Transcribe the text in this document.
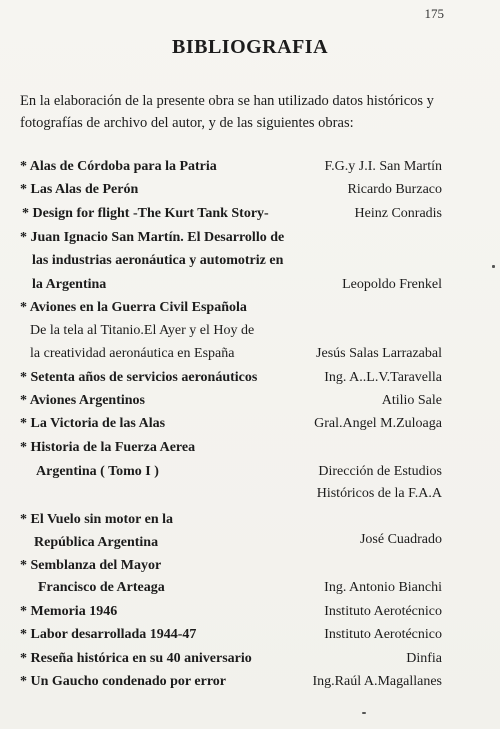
175
BIBLIOGRAFIA

En la elaboración de la presente obra se han utilizado datos históricos y

fotografías de archivo del autor, y de las siguientes obras:

* Alas de Córdoba para la Patria	F.G.y J.I. San Martín
* Las Alas de Perón	Ricardo Burzaco
* Design for flight -The Kurt Tank Story-	Heinz Conradis
* Juan Ignacio San Martín. El Desarrollo de
las industrias aeronáutica y automotriz en
la Argentina	Leopoldo Frenkel
* Aviones en la Guerra Civil Española
De la tela al Titanio.El Ayer y el Hoy de
la creatividad aeronáutica en España	Jesús Salas Larrazabal
* Setenta años de servicios aeronáuticos	Ing. A..L.V.Taravella
* Aviones Argentinos	Atilio Sale
* La Victoria de las Alas	Gral.Angel M.Zuloaga
* Historia de la Fuerza Aerea
Argentina ( Tomo I )	Dirección de Estudios
Históricos de la F.A.A
* El Vuelo sin motor en la
República Argentina	José Cuadrado
* Semblanza del Mayor
Francisco de Arteaga	Ing. Antonio Bianchi
* Memoria 1946	Instituto Aerotécnico
* Labor desarrollada 1944-47	Instituto Aerotécnico
* Reseña histórica en su 40 aniversario	Dinfia
* Un Gaucho condenado por error	Ing.Raúl A.Magallanes
